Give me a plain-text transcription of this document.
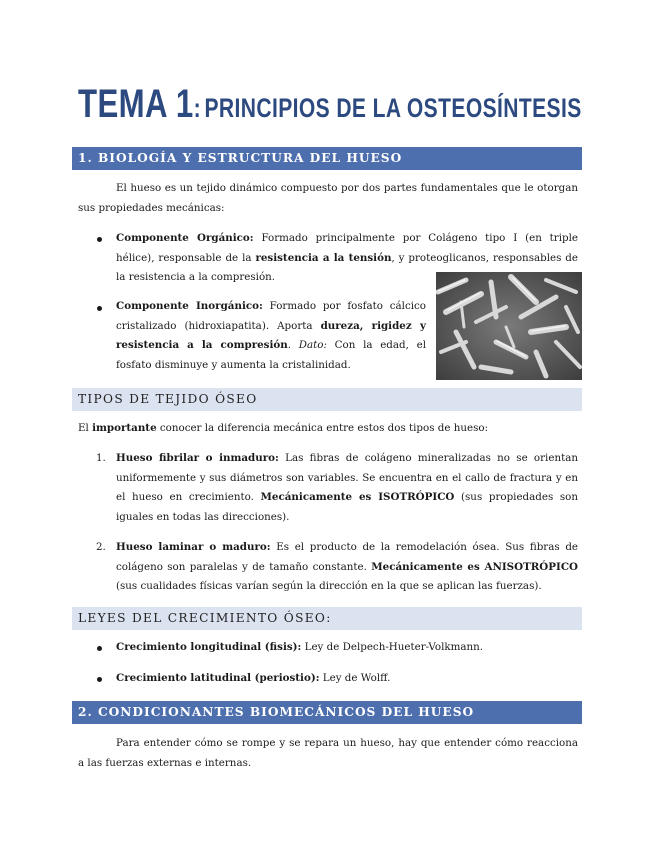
TEMA 1: PRINCIPIOS DE LA OSTEOSÍNTESIS
1. BIOLOGÍA Y ESTRUCTURA DEL HUESO
El hueso es un tejido dinámico compuesto por dos partes fundamentales que le otorgan sus propiedades mecánicas:
Componente Orgánico: Formado principalmente por Colágeno tipo I (en triple hélice), responsable de la resistencia a la tensión, y proteoglicanos, responsables de la resistencia a la compresión.
Componente Inorgánico: Formado por fosfato cálcico cristalizado (hidroxiapatita). Aporta dureza, rigidez y resistencia a la compresión. Dato: Con la edad, el fosfato disminuye y aumenta la cristalinidad.
TIPOS DE TEJIDO ÓSEO
El importante conocer la diferencia mecánica entre estos dos tipos de hueso:
1. Hueso fibrilar o inmaduro: Las fibras de colágeno mineralizadas no se orientan uniformemente y sus diámetros son variables. Se encuentra en el callo de fractura y en el hueso en crecimiento. Mecánicamente es ISOTRÓPICO (sus propiedades son iguales en todas las direcciones).
2. Hueso laminar o maduro: Es el producto de la remodelación ósea. Sus fibras de colágeno son paralelas y de tamaño constante. Mecánicamente es ANISOTRÓPICO (sus cualidades físicas varían según la dirección en la que se aplican las fuerzas).
LEYES DEL CRECIMIENTO ÓSEO:
Crecimiento longitudinal (fisis): Ley de Delpech-Hueter-Volkmann.
Crecimiento latitudinal (periostio): Ley de Wolff.
2. CONDICIONANTES BIOMECÁNICOS DEL HUESO
Para entender cómo se rompe y se repara un hueso, hay que entender cómo reacciona a las fuerzas externas e internas.
